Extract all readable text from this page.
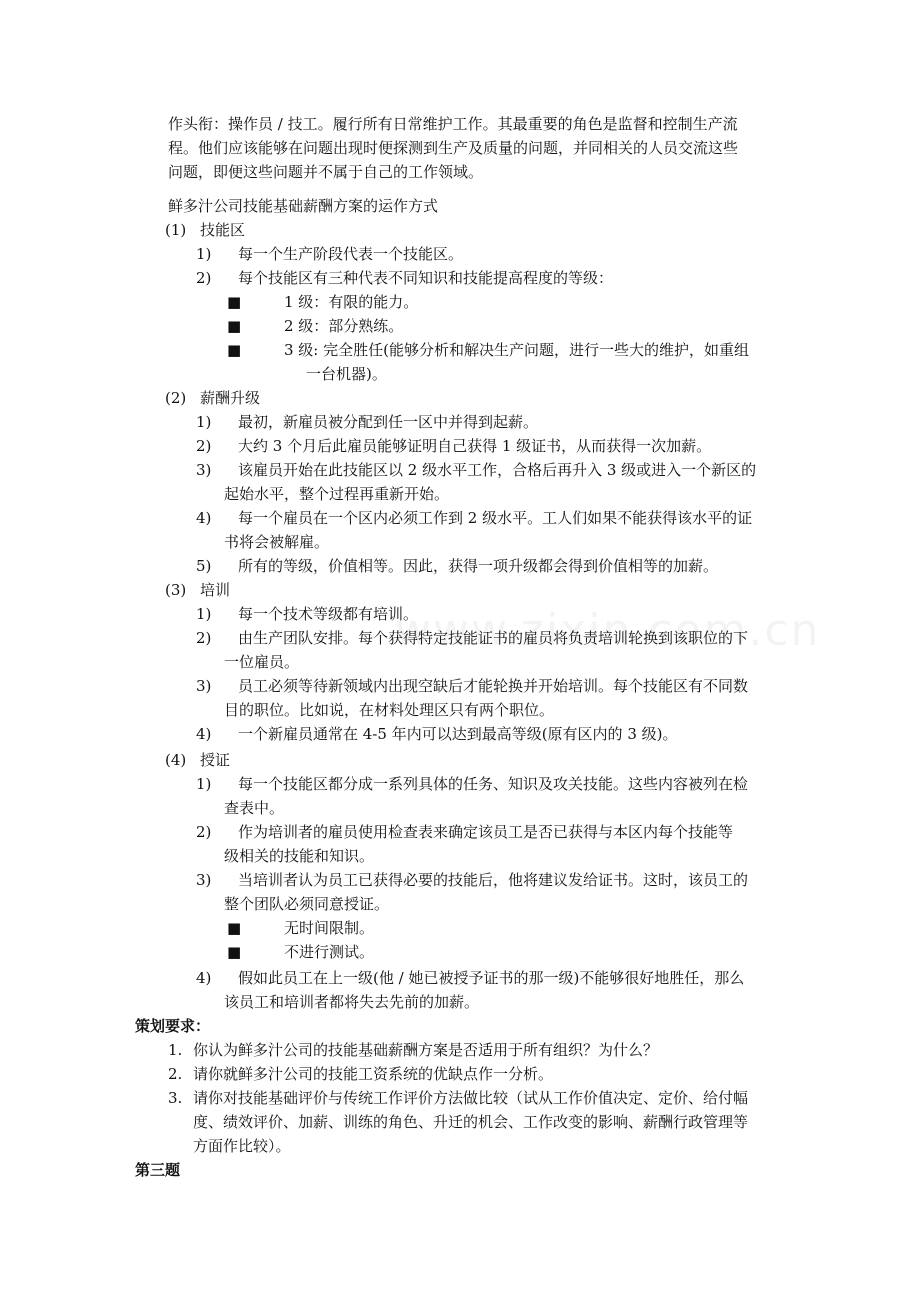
作头衔：操作员 / 技工。履行所有日常维护工作。其最重要的角色是监督和控制生产流
程。他们应该能够在问题出现时便探测到生产及质量的问题，并同相关的人员交流这些
问题，即便这些问题并不属于自己的工作领域。
鲜多汁公司技能基础薪酬方案的运作方式
(1) 技能区
1) 每一个生产阶段代表一个技能区。
2) 每个技能区有三种代表不同知识和技能提高程度的等级：
■	1 级：有限的能力。
■	2 级：部分熟练。
■	3 级: 完全胜任(能够分析和解决生产问题，进行一些大的维护，如重组
一台机器)。
(2) 薪酬升级
1) 最初，新雇员被分配到任一区中并得到起薪。
2) 大约 3 个月后此雇员能够证明自己获得 1 级证书，从而获得一次加薪。
3) 该雇员开始在此技能区以 2 级水平工作，合格后再升入 3 级或进入一个新区的
起始水平，整个过程再重新开始。
4) 每一个雇员在一个区内必须工作到 2 级水平。工人们如果不能获得该水平的证
书将会被解雇。
5) 所有的等级，价值相等。因此，获得一项升级都会得到价值相等的加薪。
(3) 培训
1) 每一个技术等级都有培训。
2) 由生产团队安排。每个获得特定技能证书的雇员将负责培训轮换到该职位的下
一位雇员。
3) 员工必须等待新领域内出现空缺后才能轮换并开始培训。每个技能区有不同数
目的职位。比如说，在材料处理区只有两个职位。
4) 一个新雇员通常在 4-5 年内可以达到最高等级(原有区内的 3 级)。
(4) 授证
1) 每一个技能区都分成一系列具体的任务、知识及攻关技能。这些内容被列在检
查表中。
2) 作为培训者的雇员使用检查表来确定该员工是否已获得与本区内每个技能等
级相关的技能和知识。
3) 当培训者认为员工已获得必要的技能后，他将建议发给证书。这时，该员工的
整个团队必须同意授证。
■	无时间限制。
■	不进行测试。
4) 假如此员工在上一级(他 / 她已被授予证书的那一级)不能够很好地胜任，那么
该员工和培训者都将失去先前的加薪。
策划要求：
1. 你认为鲜多汁公司的技能基础薪酬方案是否适用于所有组织？为什么？
2. 请你就鲜多汁公司的技能工资系统的优缺点作一分析。
3. 请你对技能基础评价与传统工作评价方法做比较（试从工作价值决定、定价、给付幅
度、绩效评价、加薪、训练的角色、升迁的机会、工作改变的影响、薪酬行政管理等
方面作比较）。
第三题
